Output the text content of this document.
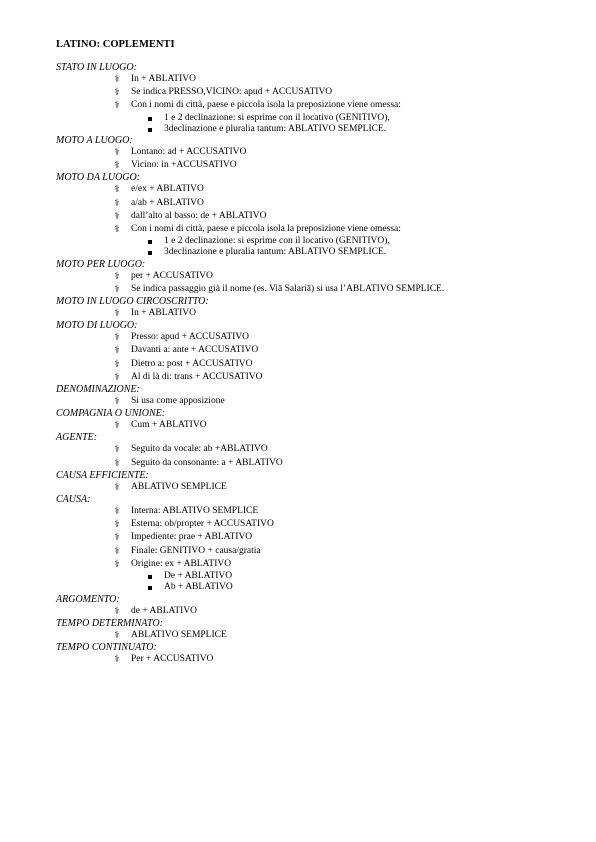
LATINO: COPLEMENTI
STATO IN LUOGO:
⚕ In + ABLATIVO
⚕ Se indica PRESSO,VICINO: apud + ACCUSATIVO
⚕ Con i nomi di città, paese e piccola isola la preposizione viene omessa:
1 e 2 declinazione: si esprime con il locativo (GENITIVO),
3declinazione e pluralia tantum: ABLATIVO SEMPLICE.
MOTO A LUOGO:
⚕ Lontano: ad + ACCUSATIVO
⚕ Vicino: in +ACCUSATIVO
MOTO DA LUOGO:
⚕ e/ex + ABLATIVO
⚕ a/ab + ABLATIVO
⚕ dall’alto al basso: de + ABLATIVO
⚕ Con i nomi di città, paese e piccola isola la preposizione viene omessa:
1 e 2 declinazione: si esprime con il locativo (GENITIVO),
3declinazione e pluralia tantum: ABLATIVO SEMPLICE.
MOTO PER LUOGO:
⚕ per + ACCUSATIVO
⚕ Se indica passaggio già il nome (es. Viā Salariā) si usa l’ABLATIVO SEMPLICE.
MOTO IN LUOGO CIRCOSCRITTO:
⚕ In + ABLATIVO
MOTO DI LUOGO:
⚕ Presso: apud + ACCUSATIVO
⚕ Davanti a: ante + ACCUSATIVO
⚕ Dietro a: post + ACCUSATIVO
⚕ Al di là di: trans + ACCUSATIVO
DENOMINAZIONE:
⚕ Si usa come apposizione
COMPAGNIA O UNIONE:
⚕ Cum + ABLATIVO
AGENTE:
⚕ Seguito da vocale: ab +ABLATIVO
⚕ Seguito da consonante: a + ABLATIVO
CAUSA EFFICIENTE:
⚕ ABLATIVO SEMPLICE
CAUSA:
⚕ Interna: ABLATIVO SEMPLICE
⚕ Esterna: ob/propter + ACCUSATIVO
⚕ Impediente: prae + ABLATIVO
⚕ Finale: GENITIVO + causa/gratia
⚕ Origine: ex + ABLATIVO
De + ABLATIVO
Ab + ABLATIVO
ARGOMENTO:
⚕ de + ABLATIVO
TEMPO DETERMINATO:
⚕ ABLATIVO SEMPLICE
TEMPO CONTINUATO:
⚕ Per + ACCUSATIVO
